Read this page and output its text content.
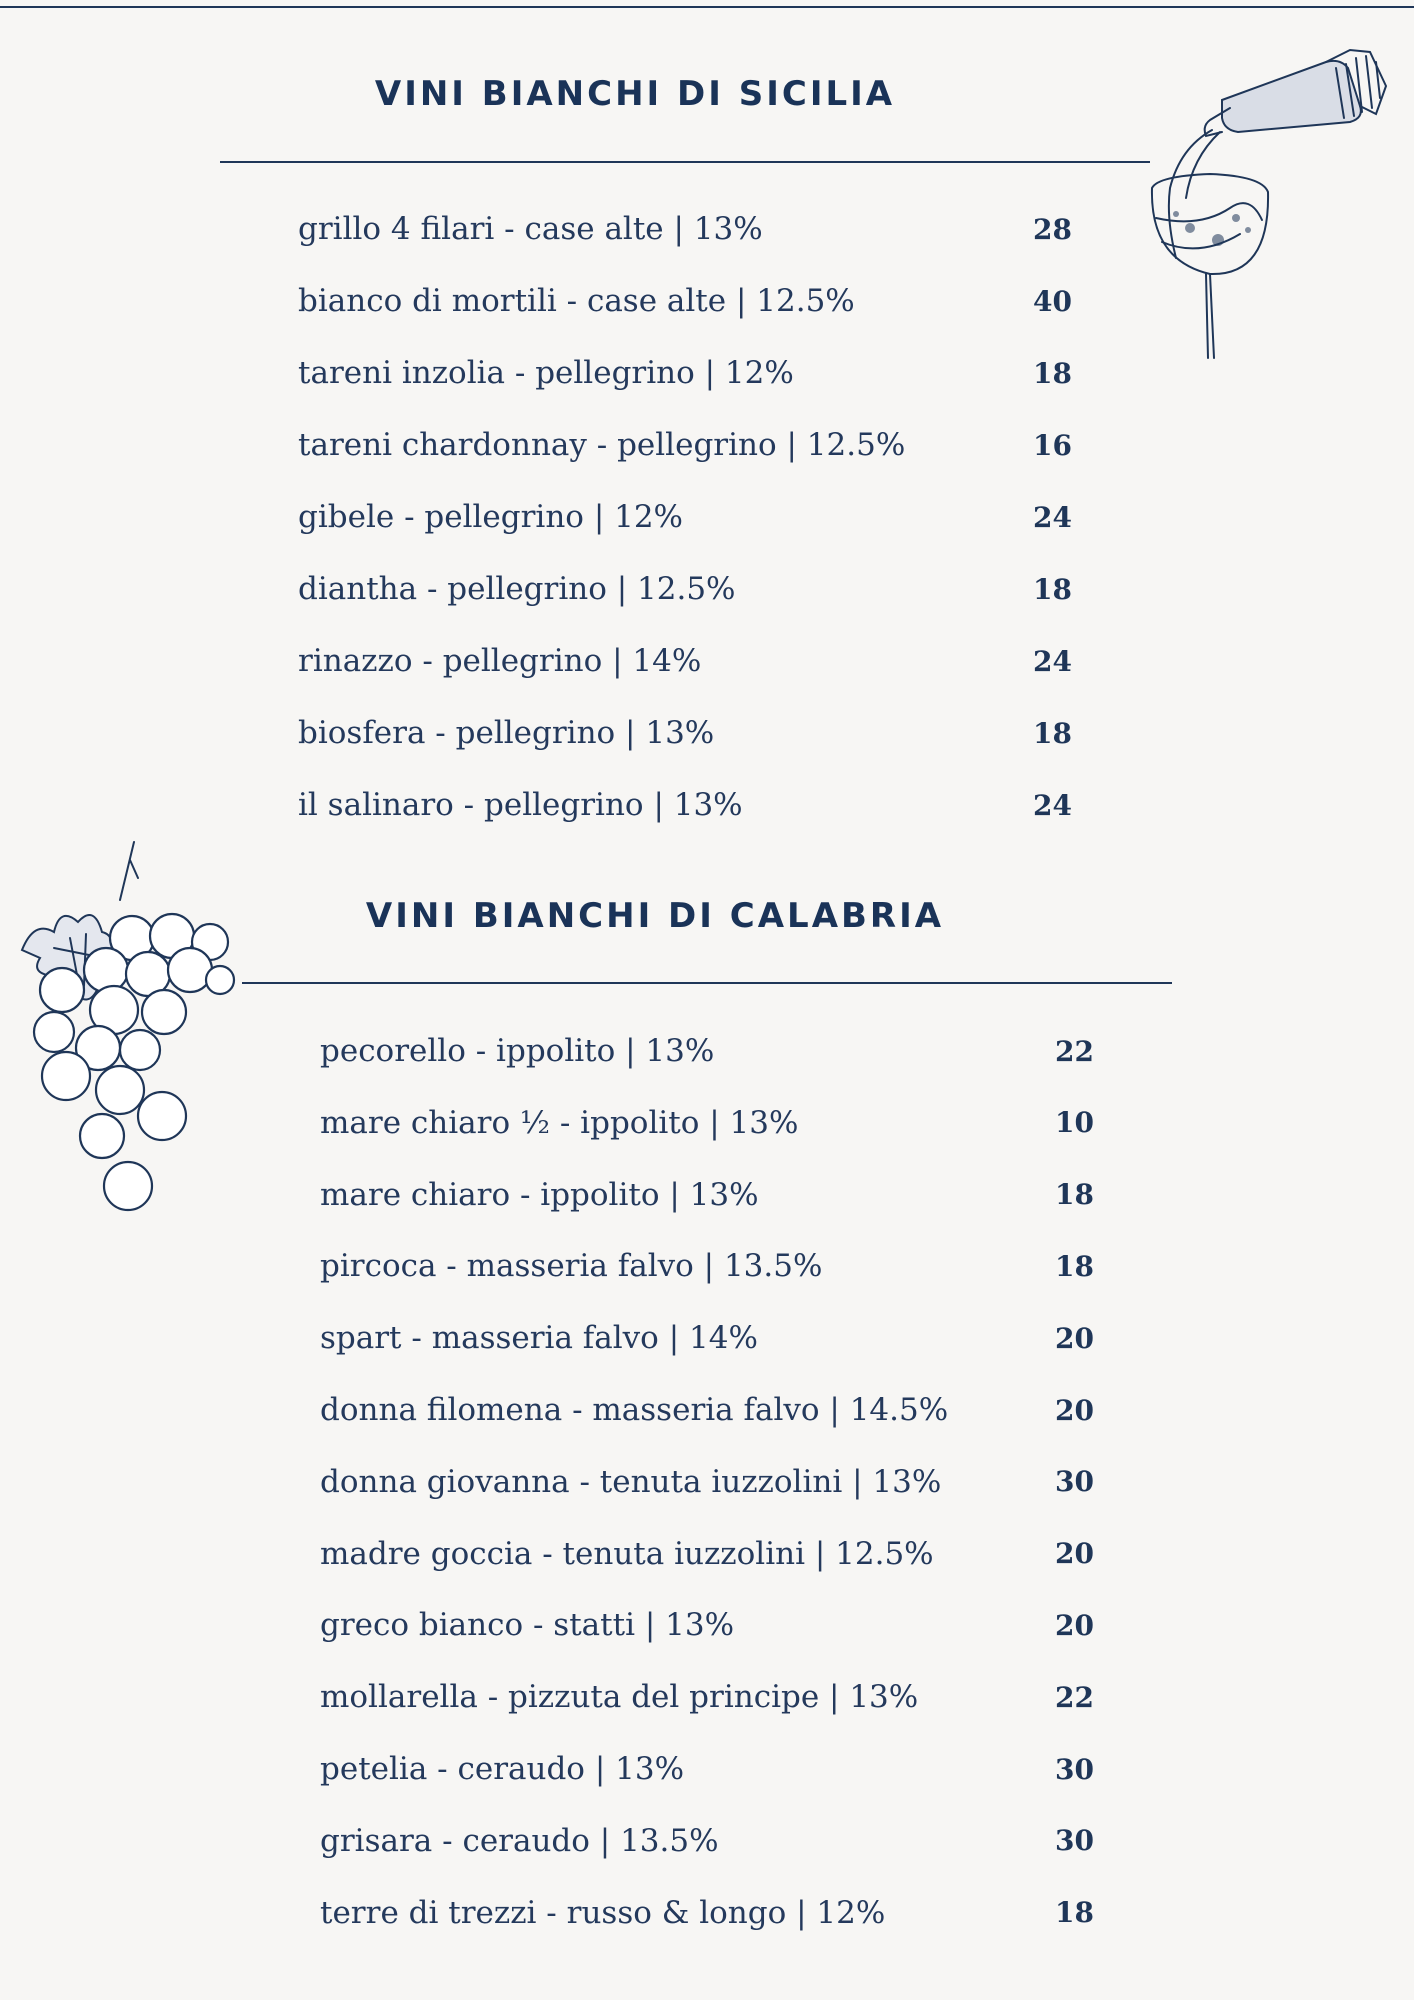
VINI BIANCHI DI SICILIA
grillo 4 filari - case alte | 13%	28
bianco di mortili - case alte | 12.5%	40
tareni inzolia - pellegrino | 12%	18
tareni chardonnay - pellegrino | 12.5%	16
gibele - pellegrino | 12%	24
diantha - pellegrino | 12.5%	18
rinazzo - pellegrino | 14%	24
biosfera - pellegrino | 13%	18
il salinaro - pellegrino | 13%	24
VINI BIANCHI DI CALABRIA
pecorello - ippolito | 13%	22
mare chiaro ½ - ippolito | 13%	10
mare chiaro - ippolito | 13%	18
pircoca - masseria falvo | 13.5%	18
spart - masseria falvo | 14%	20
donna filomena - masseria falvo | 14.5%	20
donna giovanna - tenuta iuzzolini | 13%	30
madre goccia - tenuta iuzzolini | 12.5%	20
greco bianco - statti | 13%	20
mollarella - pizzuta del principe | 13%	22
petelia - ceraudo | 13%	30
grisara - ceraudo | 13.5%	30
terre di trezzi - russo & longo | 12%	18
